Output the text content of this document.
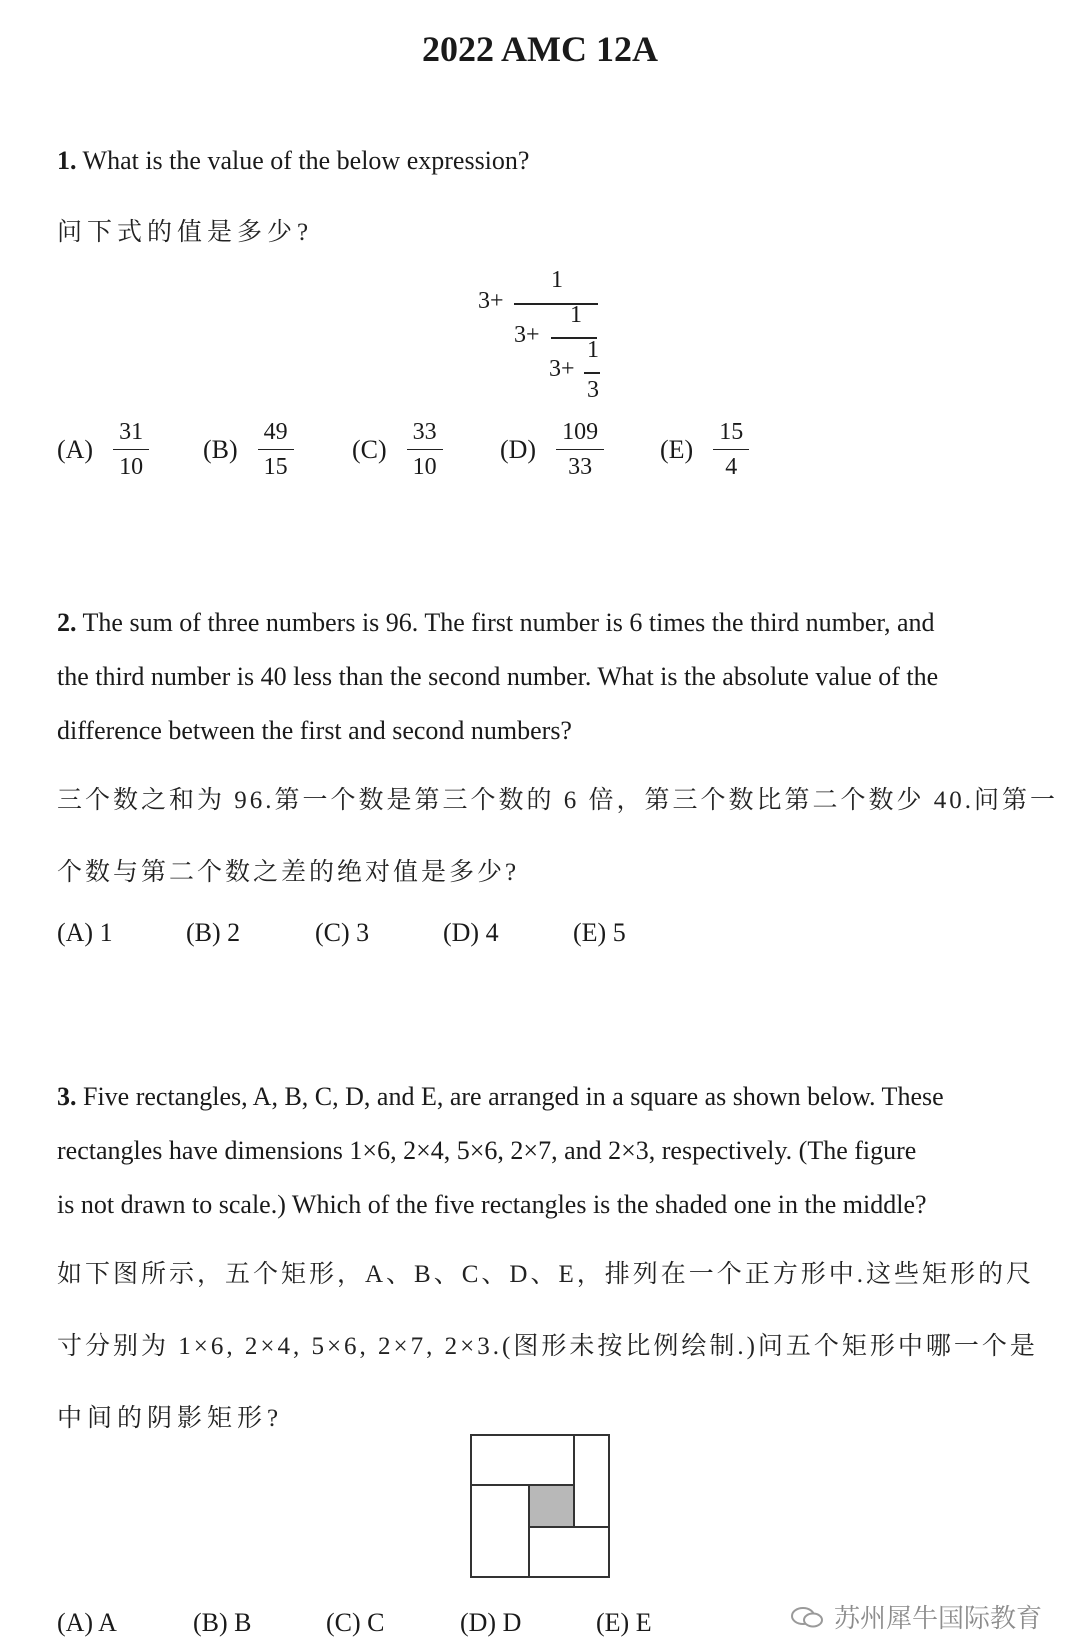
2022 AMC 12A
1. What is the value of the below expression?
问下式的值是多少?
3+
1
3+
1
3+
1
3
$(A) \frac{31}{10} (B) \frac{49}{15} (C) \frac{33}{10} (D) \frac{109}{33} (E) \frac{15}{4}$
2. The sum of three numbers is 96. The first number is 6 times the third number, and
the third number is 40 less than the second number. What is the absolute value of the
difference between the first and second numbers?
三个数之和为 96.第一个数是第三个数的 6 倍，第三个数比第二个数少 40.问第一
个数与第二个数之差的绝对值是多少?
(A) 1	(B) 2	(C) 3	(D) 4	(E) 5
3. Five rectangles, A, B, C, D, and E, are arranged in a square as shown below. These
rectangles have dimensions 1×6, 2×4, 5×6, 2×7, and 2×3, respectively. (The figure
is not drawn to scale.) Which of the five rectangles is the shaded one in the middle?
如下图所示，五个矩形，A、B、C、D、E，排列在一个正方形中.这些矩形的尺
寸分别为 1×6, 2×4, 5×6, 2×7, 2×3.(图形未按比例绘制.)问五个矩形中哪一个是
中间的阴影矩形?
(A) A	(B) B	(C) C	(D) D	(E) E	苏州犀牛国际教育
